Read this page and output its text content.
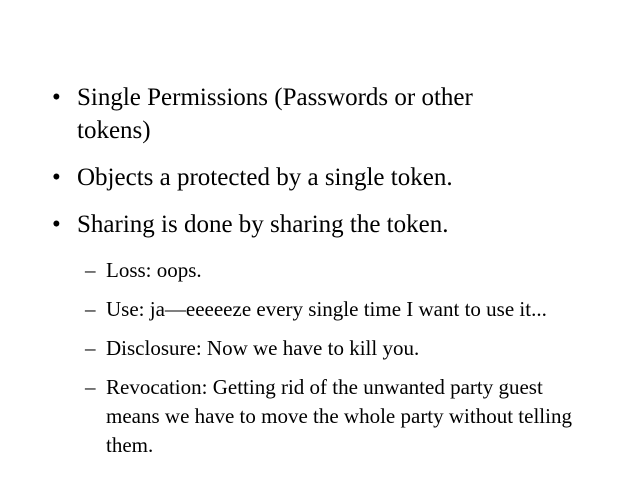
• Single Permissions (Passwords or other tokens)
• Objects a protected by a single token.
• Sharing is done by sharing the token.
– Loss: oops.
– Use: ja—eeeeeze every single time I want to use it...
– Disclosure: Now we have to kill you.
– Revocation: Getting rid of the unwanted party guest means we have to move the whole party without telling them.
